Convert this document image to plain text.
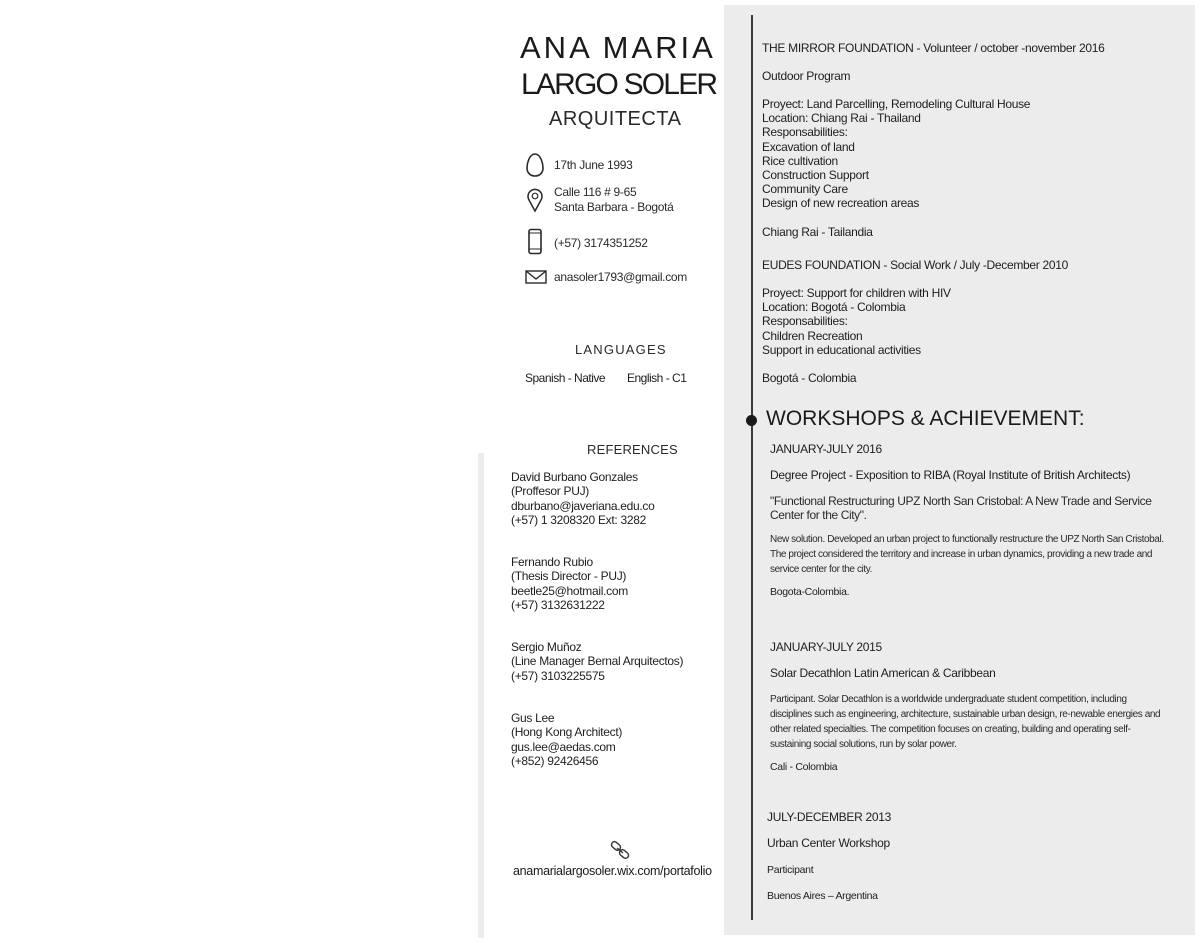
ANA MARIA
LARGO SOLER
ARQUITECTA
17th June 1993
Calle 116 # 9-65
Santa Barbara - Bogotá
(+57) 3174351252
anasoler1793@gmail.com
LANGUAGES
Spanish - Native English - C1
REFERENCES
David Burbano Gonzales
(Proffesor PUJ)
dburbano@javeriana.edu.co
(+57) 1 3208320 Ext: 3282
Fernando Rubio
(Thesis Director - PUJ)
beetle25@hotmail.com
(+57) 3132631222
Sergio Muñoz
(Line Manager Bernal Arquitectos)
(+57) 3103225575
Gus Lee
(Hong Kong Architect)
gus.lee@aedas.com
(+852) 92426456
anamarialargosoler.wix.com/portafolio
THE MIRROR FOUNDATION - Volunteer / october -november 2016
Outdoor Program
Proyect: Land Parcelling, Remodeling Cultural House
Location: Chiang Rai - Thailand
Responsabilities:
Excavation of land
Rice cultivation
Construction Support
Community Care
Design of new recreation areas
Chiang Rai - Tailandia
EUDES FOUNDATION - Social Work / July -December 2010
Proyect: Support for children with HIV
Location: Bogotá - Colombia
Responsabilities:
Children Recreation
Support in educational activities
Bogotá - Colombia
WORKSHOPS & ACHIEVEMENT:
JANUARY-JULY 2016
Degree Project - Exposition to RIBA (Royal Institute of British Architects)
"Functional Restructuring UPZ North San Cristobal: A New Trade and Service Center for the City".
New solution. Developed an urban project to functionally restructure the UPZ North San Cristobal. The project considered the territory and increase in urban dynamics, providing a new trade and service center for the city.
Bogota-Colombia.
JANUARY-JULY 2015
Solar Decathlon Latin American & Caribbean
Participant. Solar Decathlon is a worldwide undergraduate student competition, including disciplines such as engineering, architecture, sustainable urban design, re-newable energies and other related specialties. The competition focuses on creating, building and operating self-sustaining social solutions, run by solar power.
Cali - Colombia
JULY-DECEMBER 2013
Urban Center Workshop
Participant
Buenos Aires – Argentina
